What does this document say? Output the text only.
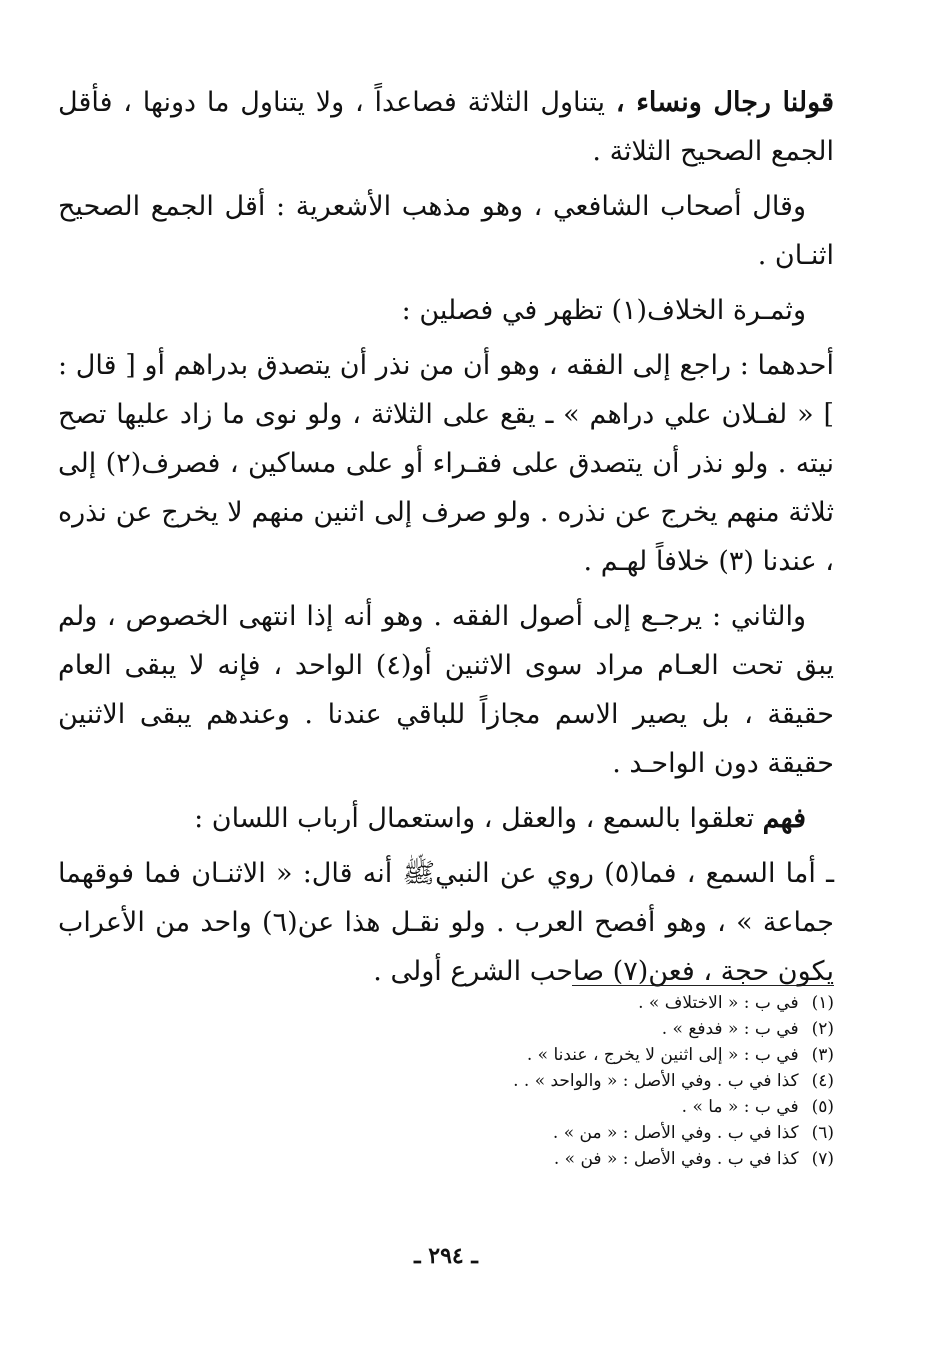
قولنا رجال ونساء ، يتناول الثلاثة فصاعداً ، ولا يتناول ما دونها ، فأقل الجمع الصحيح الثلاثة .

وقال أصحاب الشافعي ، وهو مذهب الأشعرية : أقل الجمع الصحيح اثنـان .

وثمـرة الخلاف(١) تظهر في فصلين :

أحدهما : راجع إلى الفقه ، وهو أن من نذر أن يتصدق بدراهم أو [ قال : ] « لفـلان علي دراهم » ـ يقع على الثلاثة ، ولو نوى ما زاد عليها تصح نيته . ولو نذر أن يتصدق على فقـراء أو على مساكين ، فصرف(٢) إلى ثلاثة منهم يخرج عن نذره . ولو صرف إلى اثنين منهم لا يخرج عن نذره ، عندنا (٣) خلافاً لهـم .

والثاني : يرجـع إلى أصول الفقه . وهو أنه إذا انتهى الخصوص ، ولم يبق تحت العـام مراد سوى الاثنين أو(٤) الواحد ، فإنه لا يبقى العام حقيقة ، بل يصير الاسم مجازاً للباقي عندنا . وعندهم يبقى الاثنين حقيقة دون الواحـد .

فهم تعلقوا بالسمع ، والعقل ، واستعمال أرباب اللسان :

ـ أما السمع ، فما(٥) روي عن النبيﷺ أنه قال: « الاثنـان فما فوقهما جماعة » ، وهو أفصح العرب . ولو نقـل هذا عن(٦) واحد من الأعراب يكون حجة ، فعن(٧) صاحب الشرع أولى .

(١) في ب : « الاختلاف » .
(٢) في ب : « فدفع » .
(٣) في ب : « إلى اثنين لا يخرج ، عندنا » .
(٤) كذا في ب . وفي الأصل : « والواحد » . .
(٥) في ب : « ما » .
(٦) كذا في ب . وفي الأصل : « من » .
(٧) كذا في ب . وفي الأصل : « فن » .
ـ ٢٩٤ ـ
